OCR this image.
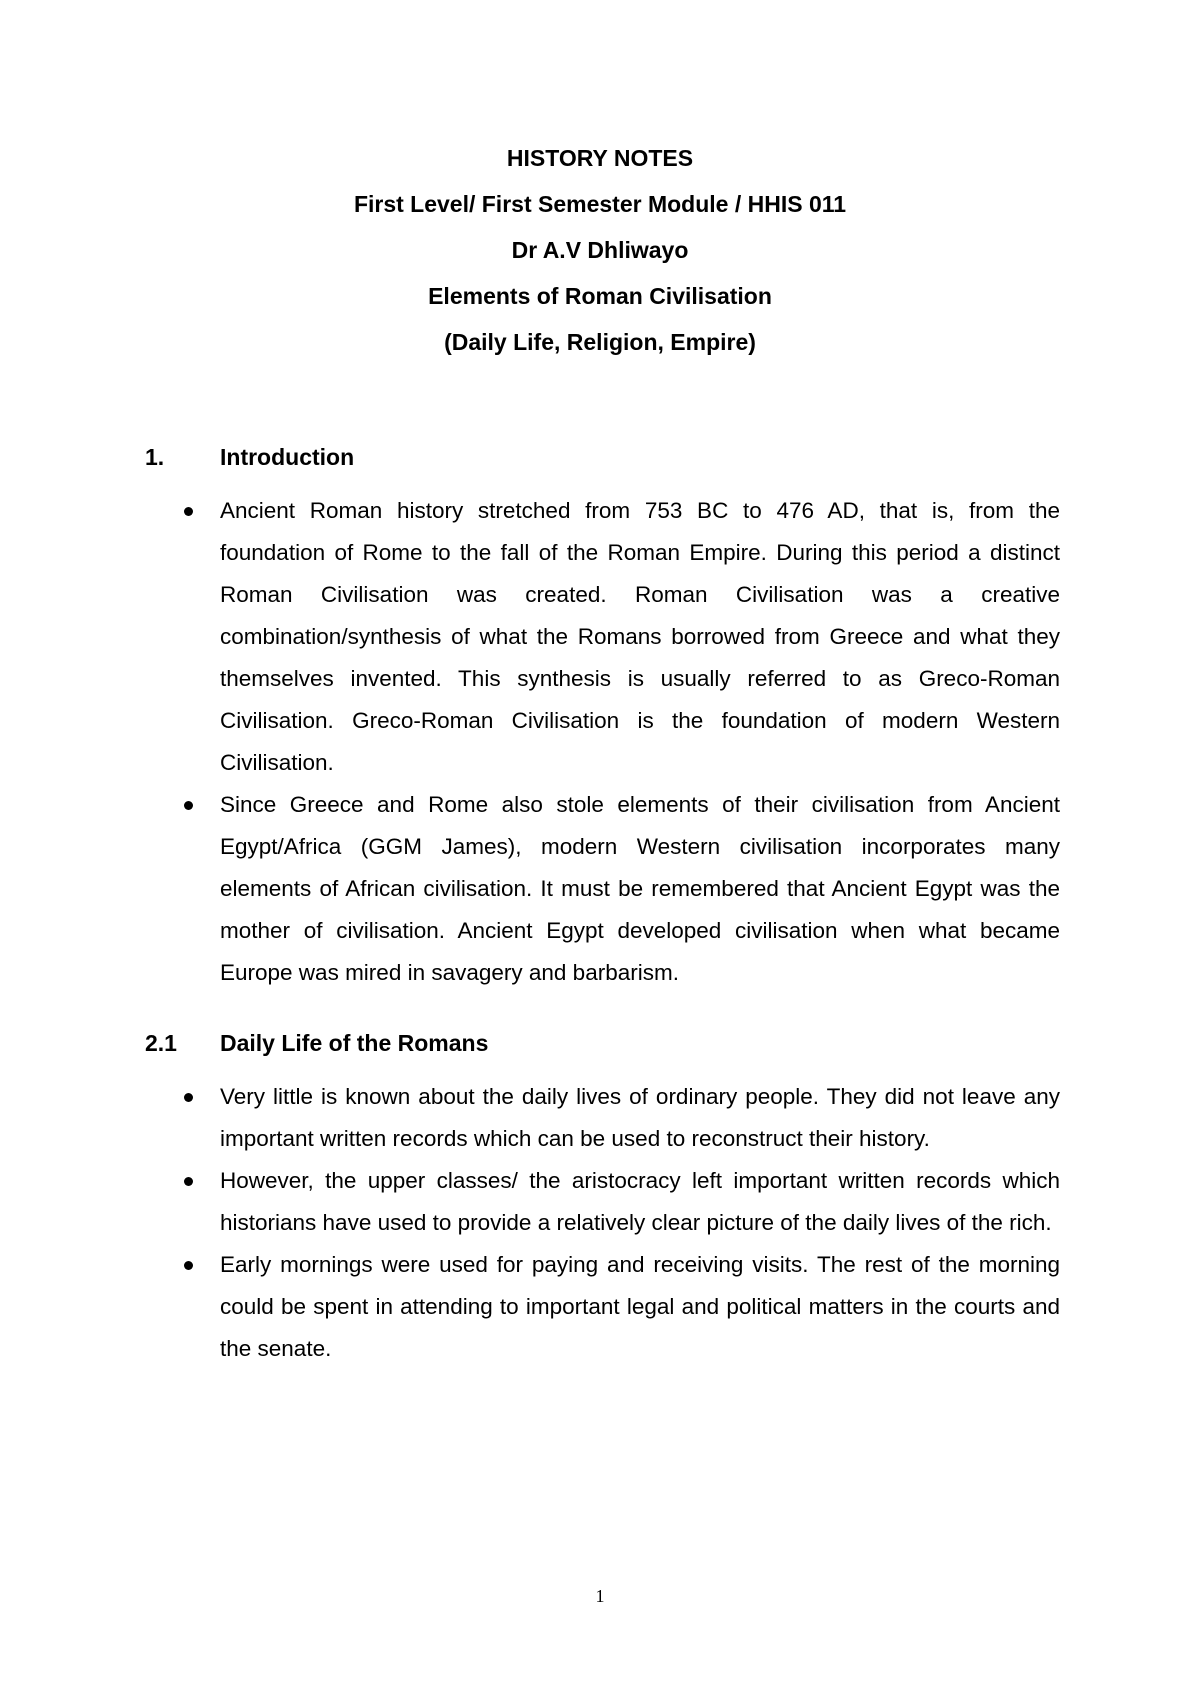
HISTORY NOTES
First Level/ First Semester Module / HHIS 011
Dr A.V Dhliwayo
Elements of Roman Civilisation
(Daily Life, Religion, Empire)
1. Introduction
Ancient Roman history stretched from 753 BC to 476 AD, that is, from the foundation of Rome to the fall of the Roman Empire. During this period a distinct Roman Civilisation was created. Roman Civilisation was a creative combination/synthesis of what the Romans borrowed from Greece and what they themselves invented. This synthesis is usually referred to as Greco-Roman Civilisation. Greco-Roman Civilisation is the foundation of modern Western Civilisation.
Since Greece and Rome also stole elements of their civilisation from Ancient Egypt/Africa (GGM James), modern Western civilisation incorporates many elements of African civilisation. It must be remembered that Ancient Egypt was the mother of civilisation. Ancient Egypt developed civilisation when what became Europe was mired in savagery and barbarism.
2.1 Daily Life of the Romans
Very little is known about the daily lives of ordinary people. They did not leave any important written records which can be used to reconstruct their history.
However, the upper classes/ the aristocracy left important written records which historians have used to provide a relatively clear picture of the daily lives of the rich.
Early mornings were used for paying and receiving visits. The rest of the morning could be spent in attending to important legal and political matters in the courts and the senate.
1
